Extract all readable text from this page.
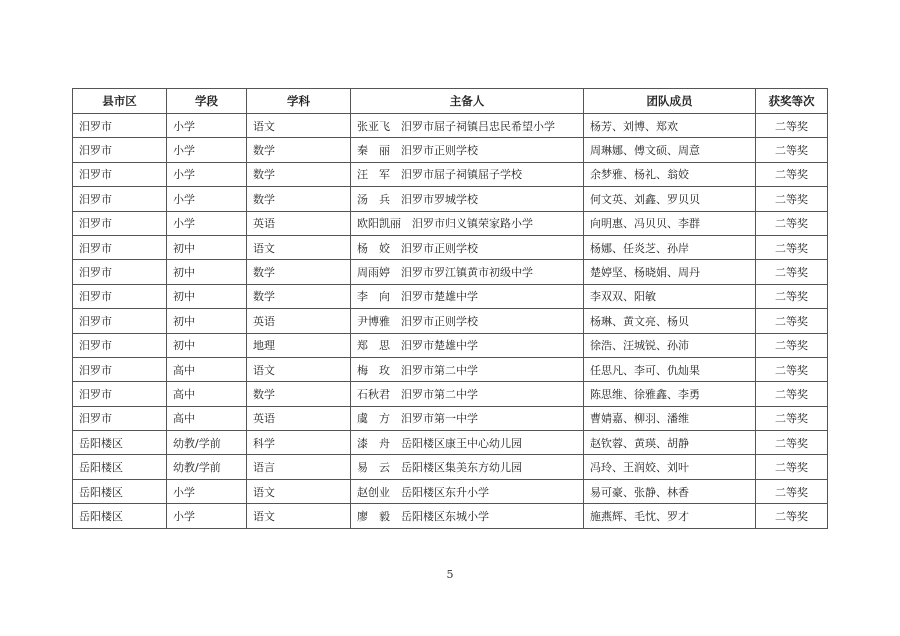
县市区	学段	学科	主备人	团队成员	获奖等次
汨罗市	小学	语文	张亚飞　汨罗市屈子祠镇吕忠民希望小学	杨芳、刘博、郑欢	二等奖
汨罗市	小学	数学	秦　丽　汨罗市正则学校	周琳娜、傅文硕、周意	二等奖
汨罗市	小学	数学	汪　军　汨罗市屈子祠镇屈子学校	余梦雅、杨礼、翁姣	二等奖
汨罗市	小学	数学	汤　兵　汨罗市罗城学校	何文英、刘鑫、罗贝贝	二等奖
汨罗市	小学	英语	欧阳凯丽　汨罗市归义镇荣家路小学	向明惠、冯贝贝、李群	二等奖
汨罗市	初中	语文	杨　姣　汨罗市正则学校	杨娜、任炎芝、孙岸	二等奖
汨罗市	初中	数学	周雨婷　汨罗市罗江镇黄市初级中学	楚婷坚、杨晓娟、周丹	二等奖
汨罗市	初中	数学	李　向　汨罗市楚雄中学	李双双、阳敏	二等奖
汨罗市	初中	英语	尹博雅　汨罗市正则学校	杨琳、黄文亮、杨贝	二等奖
汨罗市	初中	地理	郑　思　汨罗市楚雄中学	徐浩、汪城锐、孙沛	二等奖
汨罗市	高中	语文	梅　玫　汨罗市第二中学	任思凡、李可、仇灿果	二等奖
汨罗市	高中	数学	石秋君　汨罗市第二中学	陈思维、徐雅鑫、李勇	二等奖
汨罗市	高中	英语	虞　方　汨罗市第一中学	曹婧嘉、柳羽、潘维	二等奖
岳阳楼区	幼教/学前	科学	漆　舟　岳阳楼区康王中心幼儿园	赵钦蓉、黄瑛、胡静	二等奖
岳阳楼区	幼教/学前	语言	易　云　岳阳楼区集美东方幼儿园	冯玲、王润姣、刘叶	二等奖
岳阳楼区	小学	语文	赵创业　岳阳楼区东升小学	易可豪、张静、林香	二等奖
岳阳楼区	小学	语文	廖　毅　岳阳楼区东城小学	施燕辉、毛忱、罗才	二等奖
5
